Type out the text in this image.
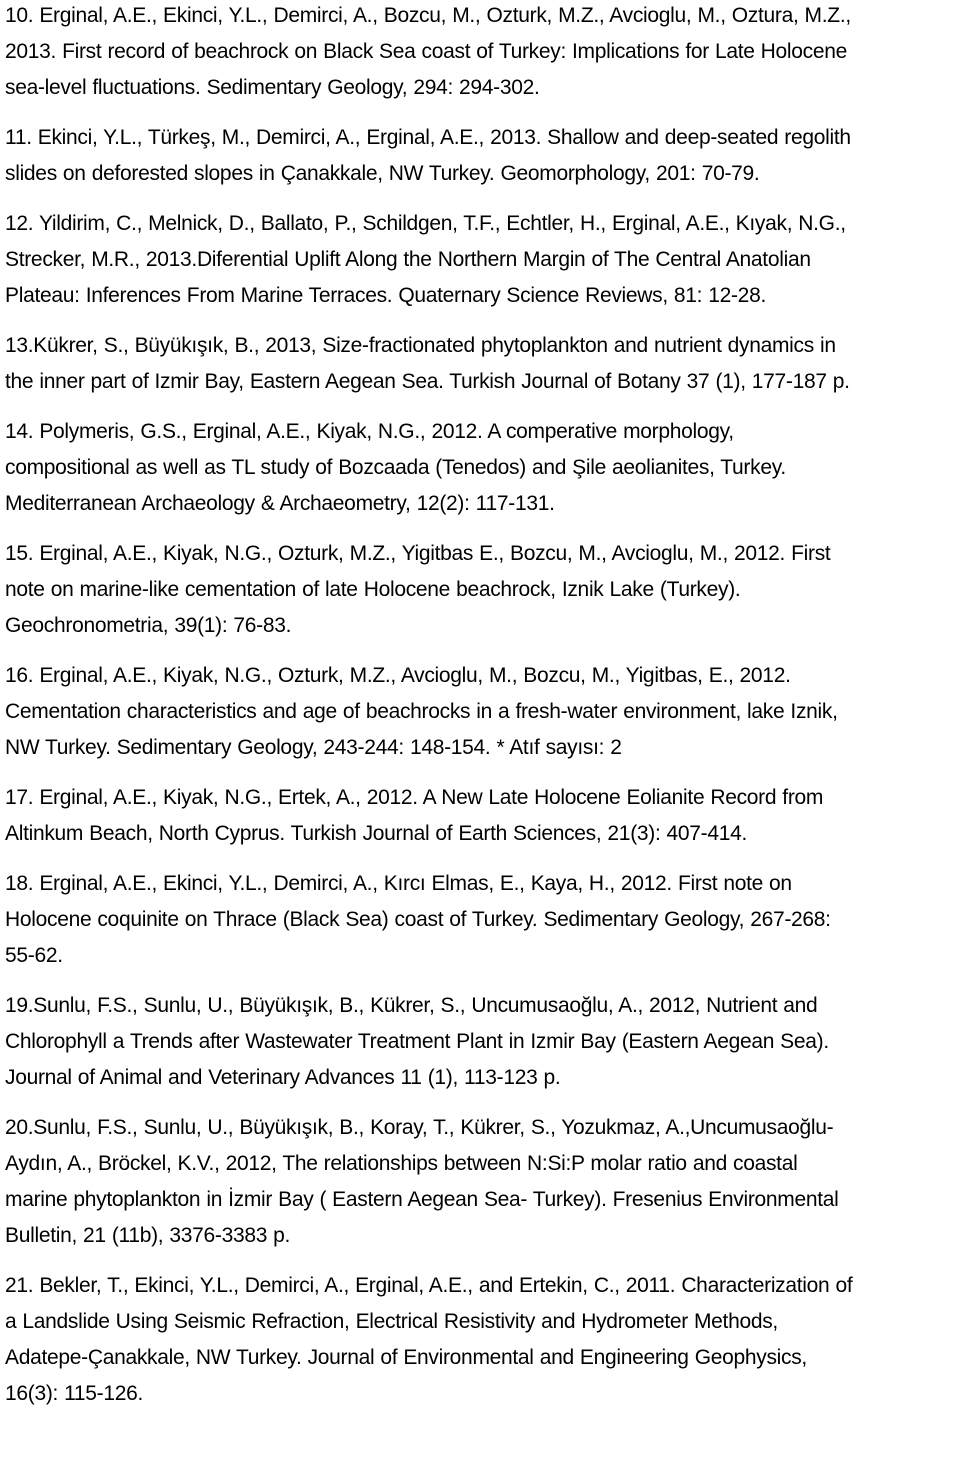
10. Erginal, A.E., Ekinci, Y.L., Demirci, A., Bozcu, M., Ozturk, M.Z., Avcioglu, M., Oztura, M.Z.,
2013. First record of beachrock on Black Sea coast of Turkey: Implications for Late Holocene
sea-level fluctuations. Sedimentary Geology, 294: 294-302.

11. Ekinci, Y.L., Türkeş, M., Demirci, A., Erginal, A.E., 2013. Shallow and deep-seated regolith
slides on deforested slopes in Çanakkale, NW Turkey. Geomorphology, 201: 70-79.

12. Yildirim, C., Melnick, D., Ballato, P., Schildgen, T.F., Echtler, H., Erginal, A.E., Kıyak, N.G.,
Strecker, M.R., 2013.Diferential Uplift Along the Northern Margin of The Central Anatolian
Plateau: Inferences From Marine Terraces. Quaternary Science Reviews, 81: 12-28.

13.Kükrer, S., Büyükışık, B., 2013, Size-fractionated phytoplankton and nutrient dynamics in
the inner part of Izmir Bay, Eastern Aegean Sea. Turkish Journal of Botany 37 (1), 177-187 p.

14. Polymeris, G.S., Erginal, A.E., Kiyak, N.G., 2012. A comperative morphology,
compositional as well as TL study of Bozcaada (Tenedos) and Şile aeolianites, Turkey.
Mediterranean Archaeology & Archaeometry, 12(2): 117-131.

15. Erginal, A.E., Kiyak, N.G., Ozturk, M.Z., Yigitbas E., Bozcu, M., Avcioglu, M., 2012. First
note on marine-like cementation of late Holocene beachrock, Iznik Lake (Turkey).
Geochronometria, 39(1): 76-83.

16. Erginal, A.E., Kiyak, N.G., Ozturk, M.Z., Avcioglu, M., Bozcu, M., Yigitbas, E., 2012.
Cementation characteristics and age of beachrocks in a fresh-water environment, lake Iznik,
NW Turkey. Sedimentary Geology, 243-244: 148-154. * Atıf sayısı: 2

17. Erginal, A.E., Kiyak, N.G., Ertek, A., 2012. A New Late Holocene Eolianite Record from
Altinkum Beach, North Cyprus. Turkish Journal of Earth Sciences, 21(3): 407-414.

18. Erginal, A.E., Ekinci, Y.L., Demirci, A., Kırcı Elmas, E., Kaya, H., 2012. First note on
Holocene coquinite on Thrace (Black Sea) coast of Turkey. Sedimentary Geology, 267-268:
55-62.

19.Sunlu, F.S., Sunlu, U., Büyükışık, B., Kükrer, S., Uncumusaoğlu, A., 2012, Nutrient and
Chlorophyll a Trends after Wastewater Treatment Plant in Izmir Bay (Eastern Aegean Sea).
Journal of Animal and Veterinary Advances 11 (1), 113-123 p.

20.Sunlu, F.S., Sunlu, U., Büyükışık, B., Koray, T., Kükrer, S., Yozukmaz, A.,Uncumusaoğlu-
Aydın, A., Bröckel, K.V., 2012, The relationships between N:Si:P molar ratio and coastal
marine phytoplankton in İzmir Bay ( Eastern Aegean Sea- Turkey). Fresenius Environmental
Bulletin, 21 (11b), 3376-3383 p.

21. Bekler, T., Ekinci, Y.L., Demirci, A., Erginal, A.E., and Ertekin, C., 2011. Characterization of
a Landslide Using Seismic Refraction, Electrical Resistivity and Hydrometer Methods,
Adatepe-Çanakkale, NW Turkey. Journal of Environmental and Engineering Geophysics,
16(3): 115-126.
